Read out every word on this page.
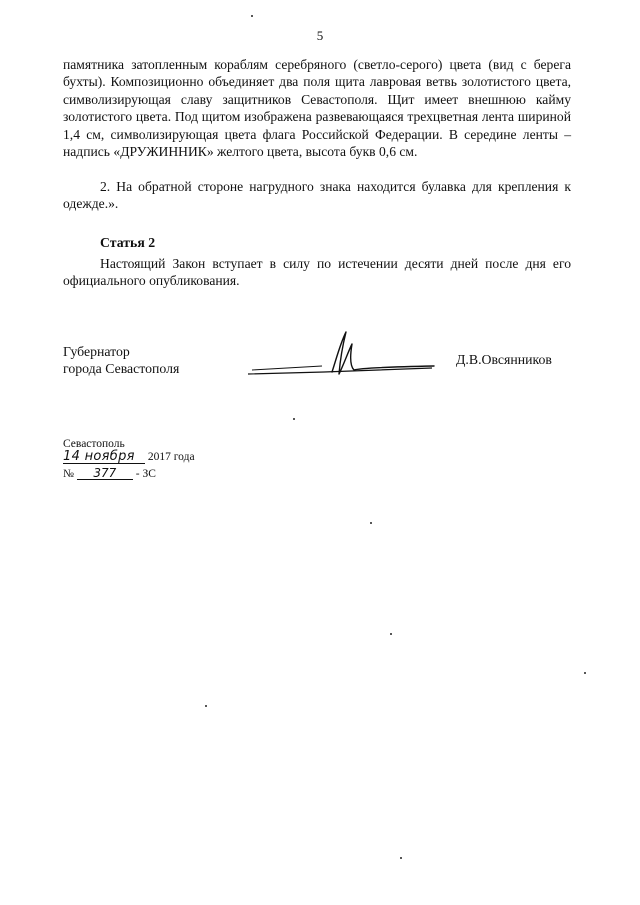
5

памятника затопленным кораблям серебряного (светло-серого) цвета (вид с берега бухты). Композиционно объединяет два поля щита лавровая ветвь золотистого цвета, символизирующая славу защитников Севастополя. Щит имеет внешнюю кайму золотистого цвета. Под щитом изображена развевающаяся трехцветная лента шириной 1,4 см, символизирующая цвета флага Российской Федерации. В середине ленты – надпись «ДРУЖИННИК» желтого цвета, высота букв 0,6 см.

2. На обратной стороне нагрудного знака находится булавка для крепления к одежде.».

Статья 2

Настоящий Закон вступает в силу по истечении десяти дней после дня его официального опубликования.

Губернатор
города Севастополя
Д.В.Овсянников
Севастополь
14 ноября 2017 года
№ 377 - ЗС
